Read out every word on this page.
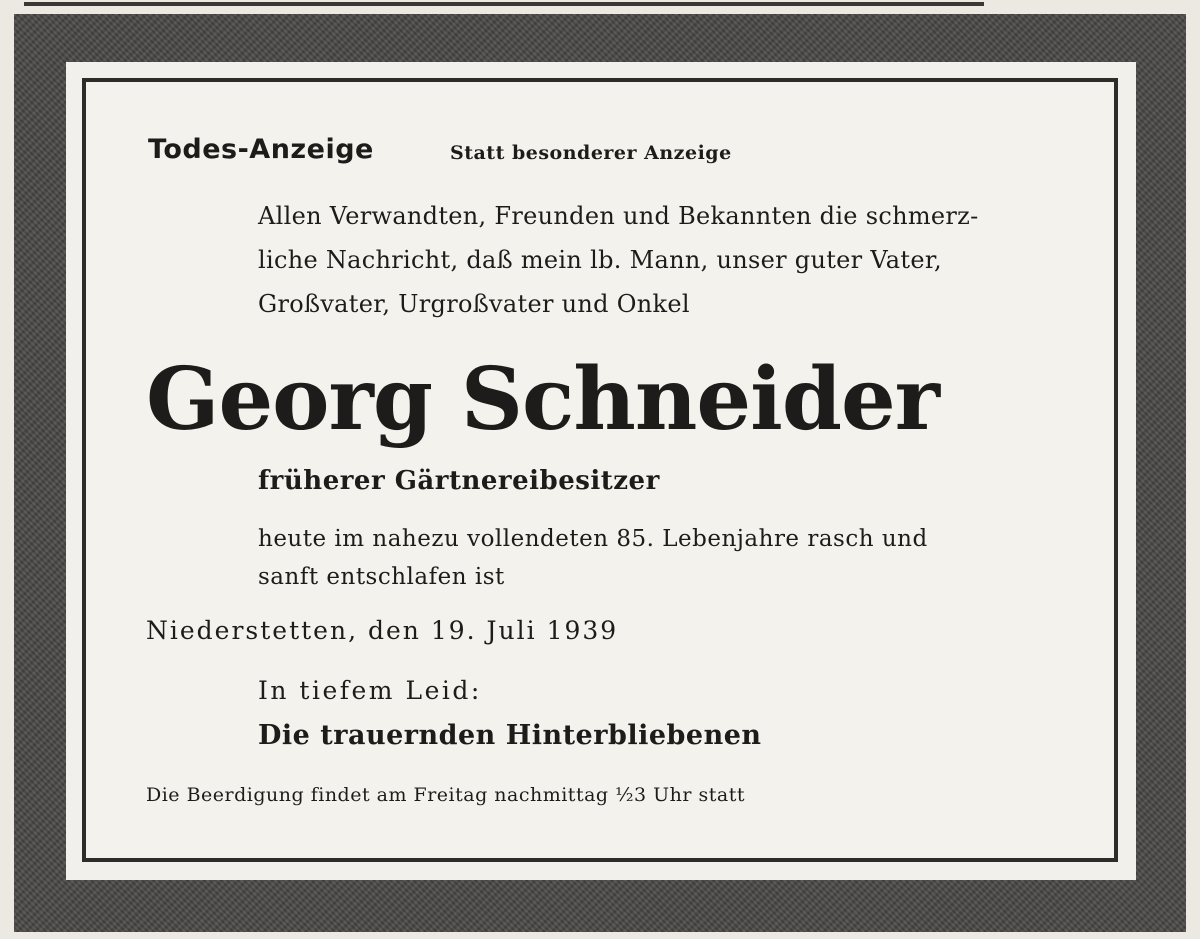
Todes-Anzeige	Statt besonderer Anzeige
Allen Verwandten, Freunden und Bekannten die schmerz-
liche Nachricht, daß mein lb. Mann, unser guter Vater,
Großvater, Urgroßvater und Onkel
Georg Schneider
früherer Gärtnereibesitzer
heute im nahezu vollendeten 85. Lebenjahre rasch und
sanft entschlafen ist
Niederstetten, den 19. Juli 1939
In tiefem Leid:
Die trauernden Hinterbliebenen
Die Beerdigung findet am Freitag nachmittag ½3 Uhr statt
